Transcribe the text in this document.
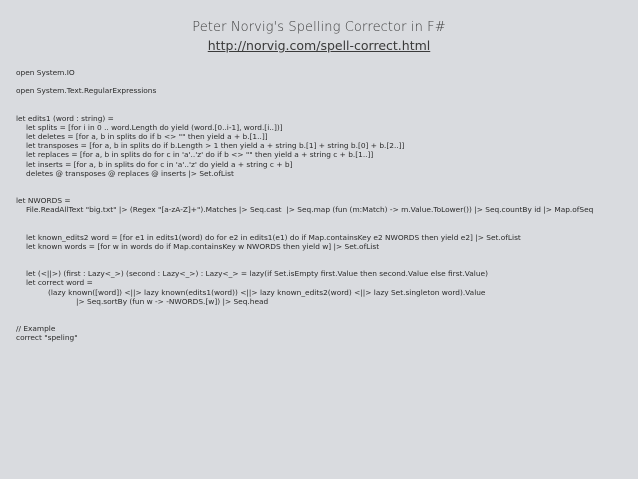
Peter Norvig's Spelling Corrector in F#
http://norvig.com/spell-correct.html
open System.IO

open System.Text.RegularExpressions

let edits1 (word : string) =
let splits = [for i in 0 .. word.Length do yield (word.[0..i-1], word.[i..])]
let deletes = [for a, b in splits do if b <> "" then yield a + b.[1..]]
let transposes = [for a, b in splits do if b.Length > 1 then yield a + string b.[1] + string b.[0] + b.[2..]]
let replaces = [for a, b in splits do for c in 'a'..'z' do if b <> "" then yield a + string c + b.[1..]]
let inserts = [for a, b in splits do for c in 'a'..'z' do yield a + string c + b]
deletes @ transposes @ replaces @ inserts |> Set.ofList

let NWORDS =
File.ReadAllText "big.txt" |> (Regex "[a-zA-Z]+").Matches |> Seq.cast  |> Seq.map (fun (m:Match) -> m.Value.ToLower()) |> Seq.countBy id |> Map.ofSeq

let known_edits2 word = [for e1 in edits1(word) do for e2 in edits1(e1) do if Map.containsKey e2 NWORDS then yield e2] |> Set.ofList
let known words = [for w in words do if Map.containsKey w NWORDS then yield w] |> Set.ofList

let (<||>) (first : Lazy<_>) (second : Lazy<_>) : Lazy<_> = lazy(if Set.isEmpty first.Value then second.Value else first.Value)
let correct word =
(lazy known([word]) <||> lazy known(edits1(word)) <||> lazy known_edits2(word) <||> lazy Set.singleton word).Value
|> Seq.sortBy (fun w -> -NWORDS.[w]) |> Seq.head

// Example
correct "speling"
